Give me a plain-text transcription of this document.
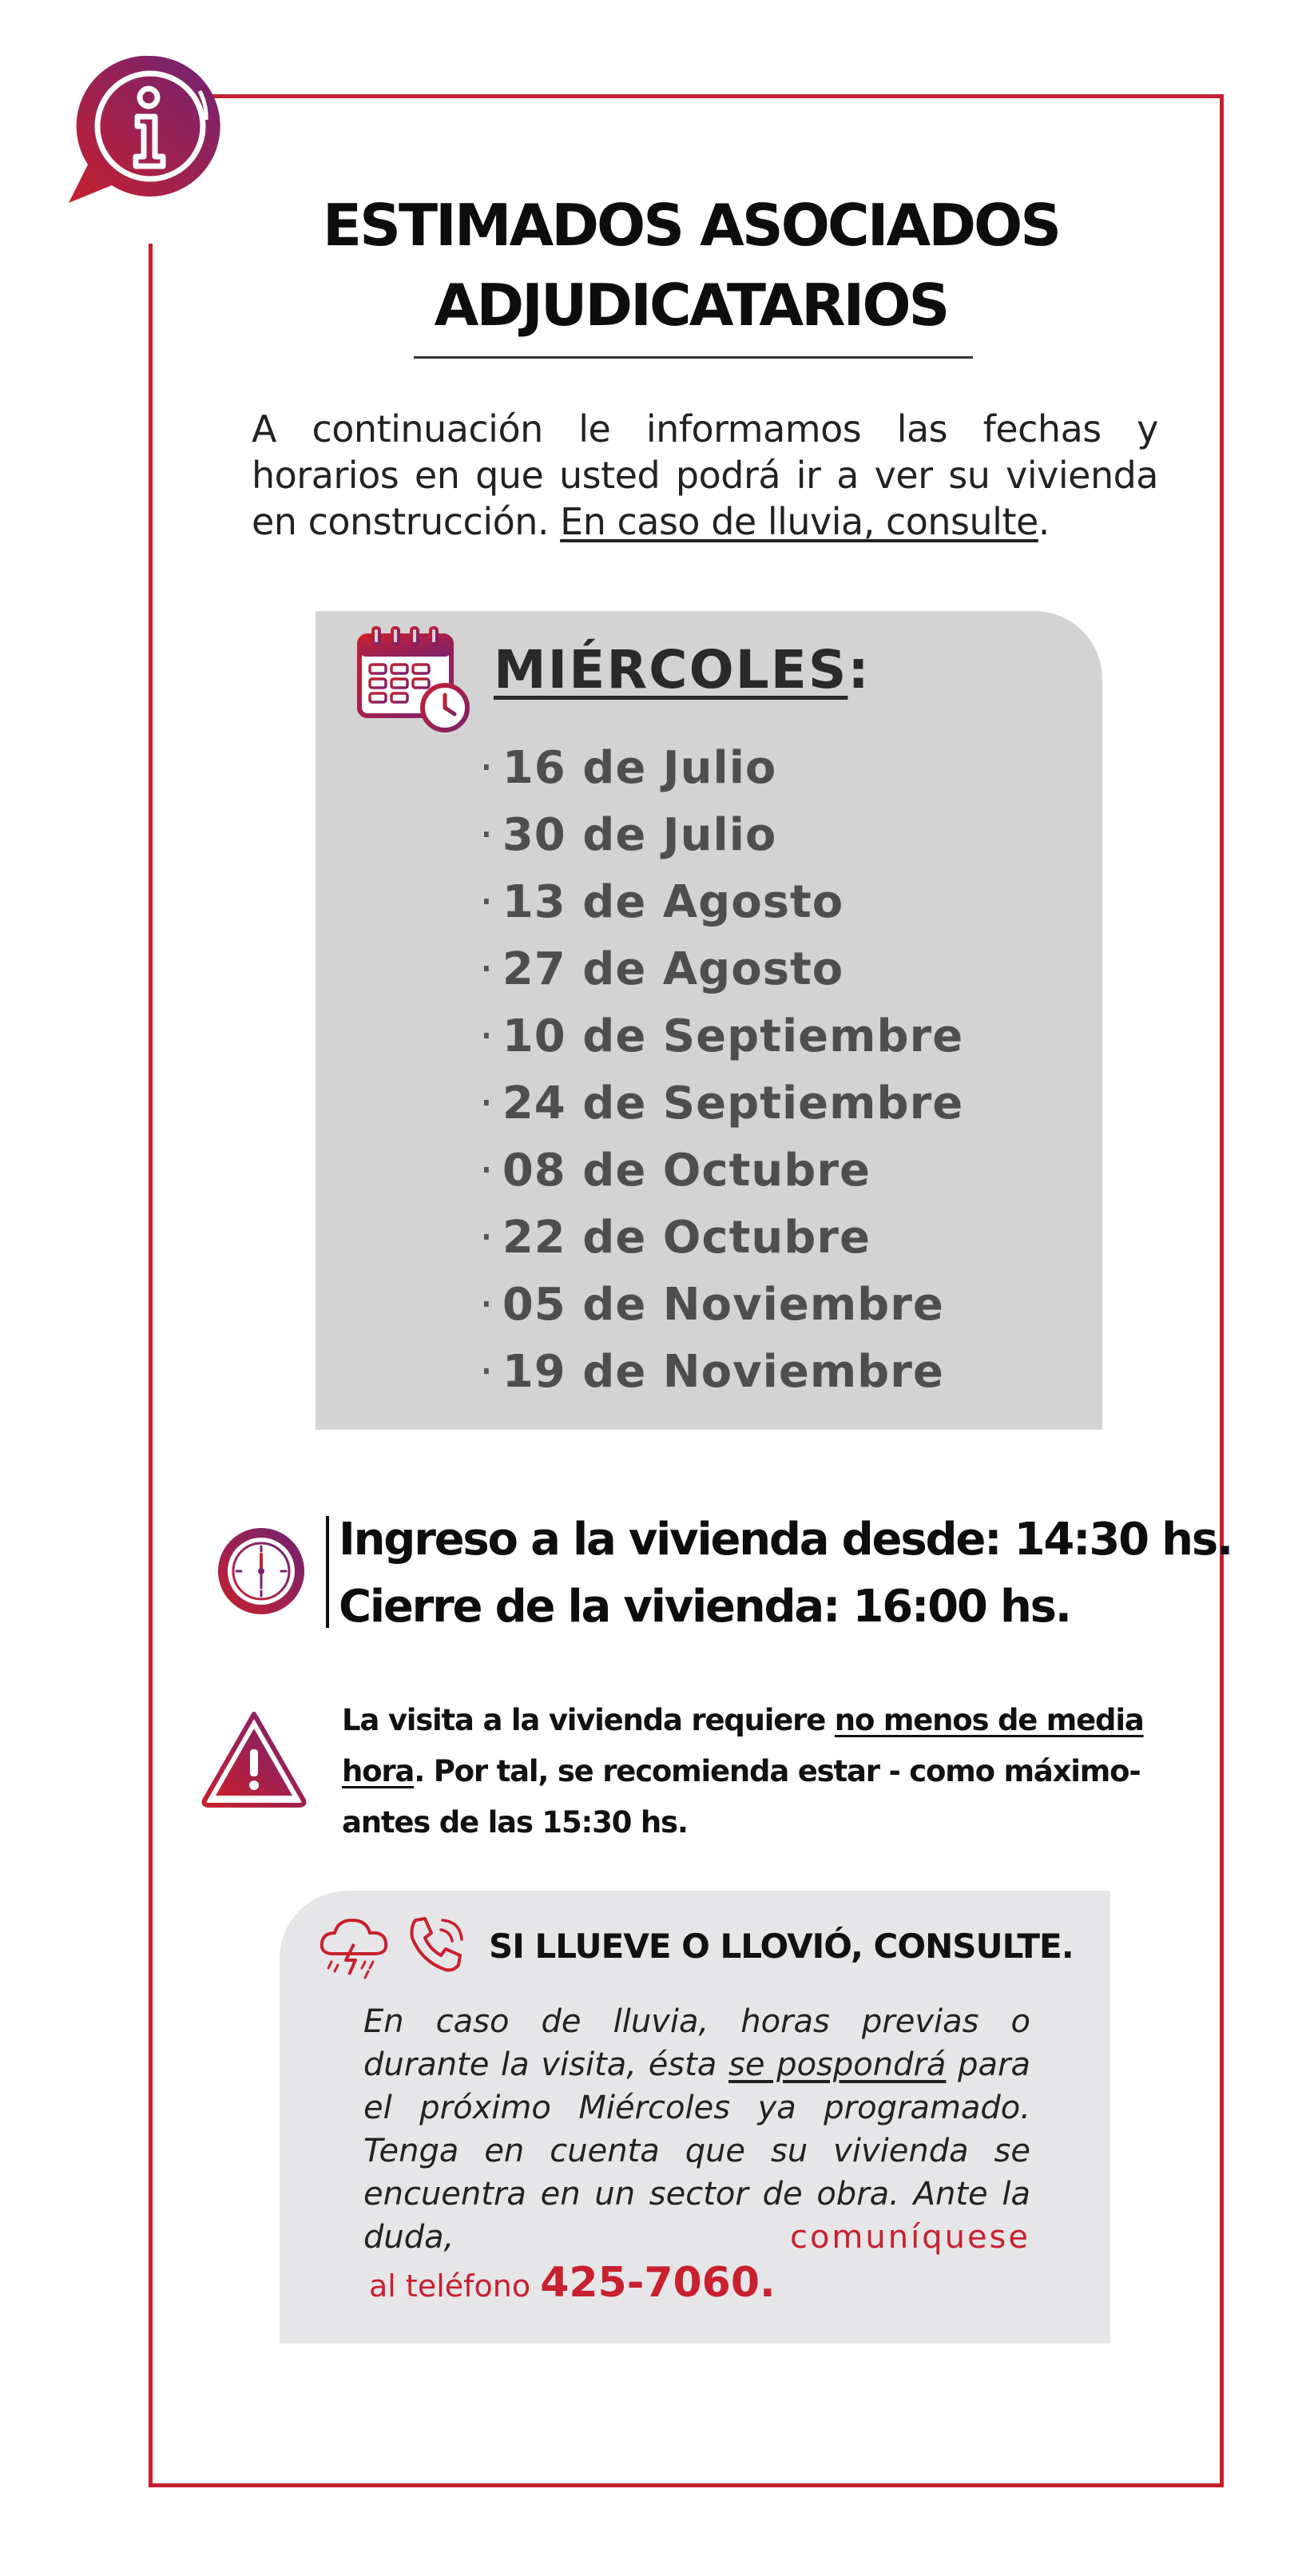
ESTIMADOS ASOCIADOS
ADJUDICATARIOS
A continuación le informamos las fechas y horarios en que usted podrá ir a ver su vivienda en construcción. En caso de lluvia, consulte.
MIÉRCOLES:
· 16 de Julio
· 30 de Julio
· 13 de Agosto
· 27 de Agosto
· 10 de Septiembre
· 24 de Septiembre
· 08 de Octubre
· 22 de Octubre
· 05 de Noviembre
· 19 de Noviembre
Ingreso a la vivienda desde: 14:30 hs.
Cierre de la vivienda: 16:00 hs.
La visita a la vivienda requiere no menos de media hora. Por tal, se recomienda estar - como máximo- antes de las 15:30 hs.
SI LLUEVE O LLOVIÓ, CONSULTE.
En caso de lluvia, horas previas o durante la visita, ésta se pospondrá para el próximo Miércoles ya programado. Tenga en cuenta que su vivienda se encuentra en un sector de obra. Ante la duda, comuníquese
al teléfono 425-7060.
